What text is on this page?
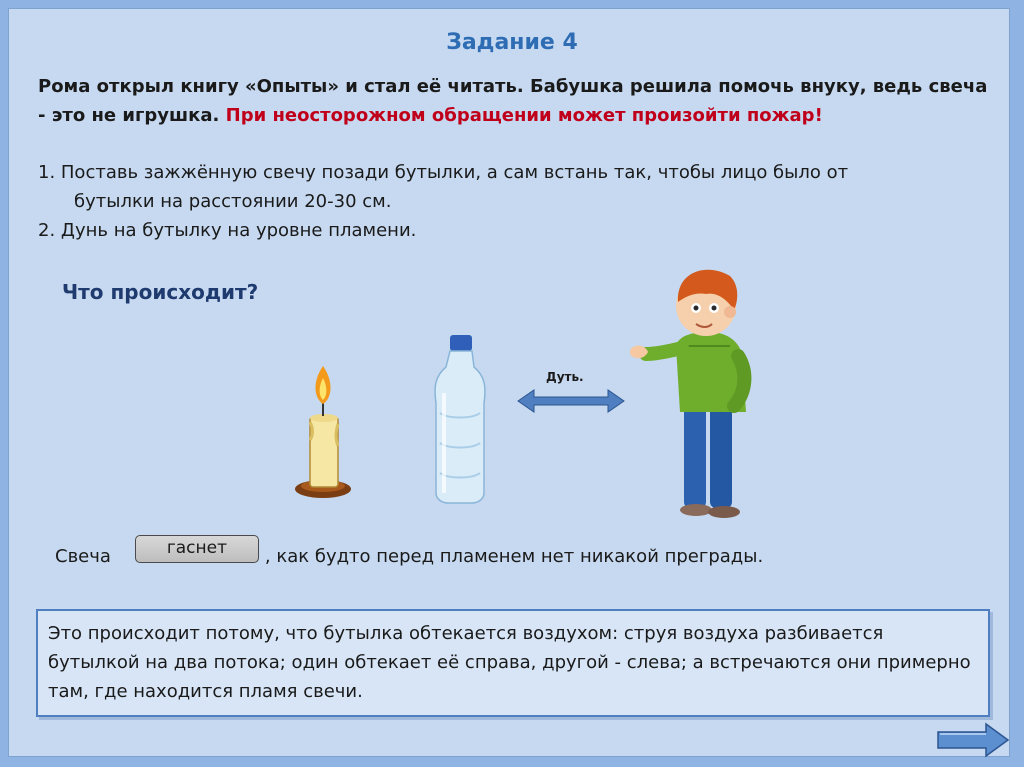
Задание 4
Рома открыл книгу «Опыты» и стал её читать. Бабушка решила помочь внуку, ведь свеча - это не игрушка. При неосторожном обращении может произойти пожар!
1. Поставь зажжённую свечу позади бутылки, а сам встань так, чтобы лицо было от
бутылки на расстоянии 20-30 см.
2. Дунь на бутылку на уровне пламени.
Что происходит?
Дуть.
Свеча	гаснет , как будто перед пламенем нет никакой преграды.
Это происходит потому, что бутылка обтекается воздухом: струя воздуха разбивается бутылкой на два потока; один обтекает её справа, другой - слева; а встречаются они примерно там, где находится пламя свечи.
